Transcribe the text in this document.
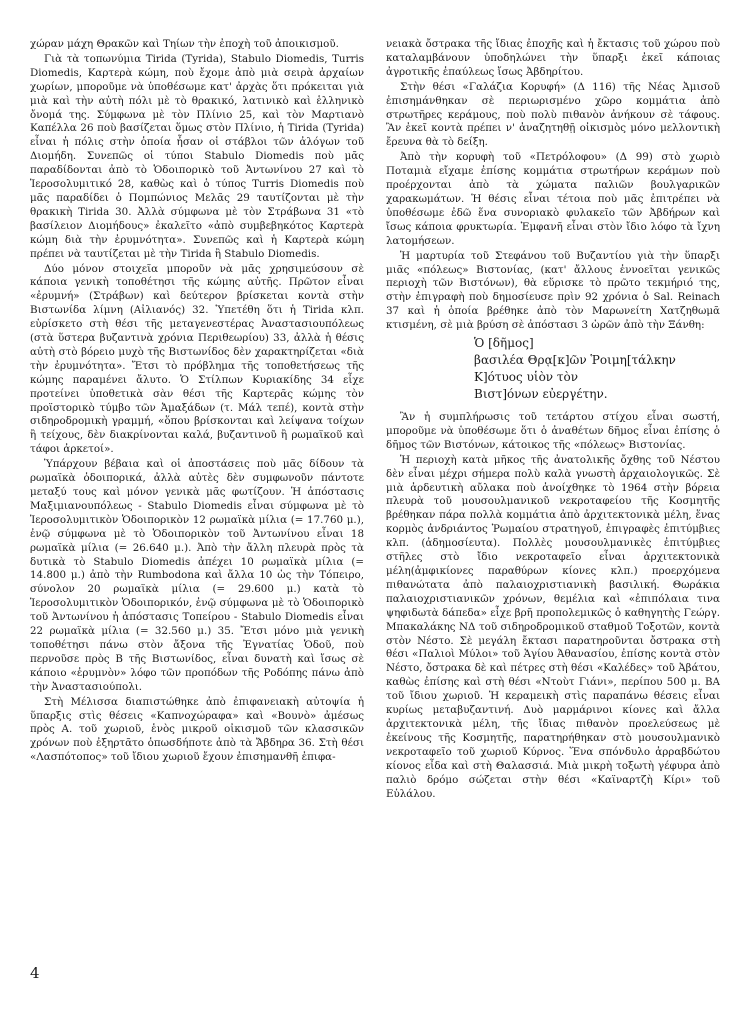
χώραν μάχη Θρακῶν καὶ Τηίων τὴν ἐποχὴ τοῦ ἀποικισμοῦ.

Γιὰ τὰ τοπωνύμια Tirida (Tyrida), Stabulo Diomedis, Turris Diomedis, Καρτερὰ κώμη, ποὺ ἔχομε ἀπὸ μιὰ σειρὰ ἀρχαίων χωρίων, μποροῦμε νὰ ὑποθέσωμε κατ' ἀρχὰς ὅτι πρόκειται γιὰ μιὰ καὶ τὴν αὐτὴ πόλι μὲ τὸ θρακικό, λατινικὸ καὶ ἑλληνικὸ ὄνομά της. Σύμφωνα μὲ τὸν Πλίνιο 25, καὶ τὸν Μαρτιανὸ Καπέλλα 26 ποὺ βασίζεται ὅμως στὸν Πλίνιο, ἡ Tirida (Tyrida) εἶναι ἡ πόλις στὴν ὁποία ἦσαν οἱ στάβλοι τῶν ἀλόγων τοῦ Διομήδη. Συνεπῶς οἱ τύποι Stabulo Diomedis ποὺ μᾶς παραδίδονται ἀπὸ τὸ Ὁδοιπορικὸ τοῦ Ἀντωνίνου 27 καὶ τὸ Ἱεροσολυμιτικό 28, καθὼς καὶ ὁ τύπος Turris Diomedis ποὺ μᾶς παραδίδει ὁ Πομπώνιος Μελᾶς 29 ταυτίζονται μὲ τὴν θρακικὴ Tirida 30. Ἀλλὰ σύμφωνα μὲ τὸν Στράβωνα 31 «τὸ βασίλειον Διομήδους» ἐκαλεῖτο «ἀπὸ συμβεβηκότος Καρτερὰ κώμη διὰ τὴν ἐρυμνότητα». Συνεπῶς καὶ ἡ Καρτερὰ κώμη πρέπει νὰ ταυτίζεται μὲ τὴν Tirida ἢ Stabulo Diomedis.

Δύο μόνον στοιχεῖα μποροῦν νὰ μᾶς χρησιμεύσουν σὲ κάποια γενικὴ τοποθέτησι τῆς κώμης αὐτῆς. Πρῶτον εἶναι «ἐρυμνή» (Στράβων) καὶ δεύτερον βρίσκεται κοντὰ στὴν Βιστωνίδα λίμνη (Αἰλιανός) 32. Ὑπετέθη ὅτι ἡ Tirida κλπ. εὑρίσκετο στὴ θέσι τῆς μεταγενεστέρας Ἀναστασιουπόλεως (στὰ ὕστερα βυζαντινὰ χρόνια Περιθεωρίου) 33, ἀλλὰ ἡ θέσις αὐτὴ στὸ βόρειο μυχὸ τῆς Βιστωνίδος δὲν χαρακτηρίζεται «διὰ τὴν ἐρυμνότητα». Ἔτσι τὸ πρόβλημα τῆς τοποθετήσεως τῆς κώμης παραμένει ἄλυτο. Ὁ Στίλπων Κυριακίδης 34 εἶχε προτείνει ὑποθετικὰ σὰν θέσι τῆς Καρτερᾶς κώμης τὸν προϊστορικὸ τύμβο τῶν Ἀμαξάδων (τ. Μάλ τεπέ), κοντὰ στὴν σιδηροδρομικὴ γραμμή, «ὅπου βρίσκονται καὶ λείψανα τοίχων ἢ τείχους, δὲν διακρίνονται καλά, βυζαντινοῦ ἢ ρωμαϊκοῦ καὶ τάφοι ἀρκετοί».

Ὑπάρχουν βέβαια καὶ οἱ ἀποστάσεις ποὺ μᾶς δίδουν τὰ ρωμαϊκὰ ὁδοιπορικά, ἀλλὰ αὐτὲς δὲν συμφωνοῦν πάντοτε μεταξύ τους καὶ μόνον γενικὰ μᾶς φωτίζουν. Ἡ ἀπόστασις Μαξιμιανουπόλεως - Stabulo Diomedis εἶναι σύμφωνα μὲ τὸ Ἱεροσολυμιτικὸν Ὁδοιπορικὸν 12 ρωμαϊκὰ μίλια (= 17.760 μ.), ἐνῷ σύμφωνα μὲ τὸ Ὁδοιπορικὸν τοῦ Ἀντωνίνου εἶναι 18 ρωμαϊκὰ μίλια (= 26.640 μ.). Ἀπὸ τὴν ἄλλη πλευρὰ πρὸς τὰ δυτικὰ τὸ Stabulo Diomedis ἀπέχει 10 ρωμαϊκὰ μίλια (= 14.800 μ.) ἀπὸ τὴν Rumbodona καὶ ἄλλα 10 ὡς τὴν Τόπειρο, σύνολον 20 ρωμαϊκὰ μίλια (= 29.600 μ.) κατὰ τὸ Ἱεροσολυμιτικὸν Ὁδοιπορικόν, ἐνῷ σύμφωνα μὲ τὸ Ὁδοιπορικὸ τοῦ Ἀντωνίνου ἡ ἀπόστασις Τοπείρου - Stabulo Diomedis εἶναι 22 ρωμαϊκὰ μίλια (= 32.560 μ.) 35. Ἔτσι μόνο μιὰ γενικὴ τοποθέτησι πάνω στὸν ἄξονα τῆς Ἐγνατίας Ὁδοῦ, ποὺ περνοῦσε πρὸς Β τῆς Βιστωνίδος, εἶναι δυνατὴ καὶ ἴσως σὲ κάποιο «ἐρυμνὸν» λόφο τῶν προπόδων τῆς Ροδόπης πάνω ἀπὸ τὴν Ἀναστασιούπολι.

Στὴ Μέλισσα διαπιστώθηκε ἀπὸ ἐπιφανειακὴ αὐτοψία ἡ ὕπαρξις στὶς θέσεις «Καπνοχώραφα» καὶ «Βουνὸ» ἀμέσως πρὸς Α. τοῦ χωριοῦ, ἑνὸς μικροῦ οἰκισμοῦ τῶν κλασσικῶν χρόνων ποὺ ἐξηρτᾶτο ὁπωσδήποτε ἀπὸ τὰ Ἄβδηρα 36. Στὴ θέσι «Λασπότοπος» τοῦ ἴδιου χωριοῦ ἔχουν ἐπισημανθῆ ἐπιφα-

νειακὰ ὄστρακα τῆς ἴδιας ἐποχῆς καὶ ἡ ἔκτασις τοῦ χώρου ποὺ καταλαμβάνουν ὑποδηλώνει τὴν ὕπαρξι ἐκεῖ κάποιας ἀγροτικῆς ἐπαύλεως ἴσως Ἀβδηρίτου.

Στὴν θέσι «Γαλάζια Κορυφή» (Δ 116) τῆς Νέας Ἀμισοῦ ἐπισημάνθηκαν σὲ περιωρισμένο χῶρο κομμάτια ἀπὸ στρωτῆρες κεράμους, ποὺ πολὺ πιθανὸν ἀνήκουν σὲ τάφους. Ἂν ἐκεῖ κοντὰ πρέπει ν' ἀναζητηθῇ οἰκισμὸς μόνο μελλοντικὴ ἔρευνα θὰ τὸ δείξη.

Ἀπὸ τὴν κορυφὴ τοῦ «Πετρόλοφου» (Δ 99) στὸ χωριὸ Ποταμιὰ εἴχαμε ἐπίσης κομμάτια στρωτήρων κεράμων ποὺ προέρχονται ἀπὸ τὰ χώματα παλιῶν βουλγαρικῶν χαρακωμάτων. Ἡ θέσις εἶναι τέτοια ποὺ μᾶς ἐπιτρέπει νὰ ὑποθέσωμε ἐδῶ ἕνα συνοριακὸ φυλακεῖο τῶν Ἀβδήρων καὶ ἴσως κάποια φρυκτωρία. Ἐμφανῆ εἶναι στὸν ἴδιο λόφο τὰ ἴχνη λατομήσεων.

Ἡ μαρτυρία τοῦ Στεφάνου τοῦ Βυζαντίου γιὰ τὴν ὕπαρξι μιᾶς «πόλεως» Βιστονίας, (κατ' ἄλλους ἐννοεῖται γενικῶς περιοχὴ τῶν Βιστόνων), θὰ εὕρισκε τὸ πρῶτο τεκμήριό της, στὴν ἐπιγραφὴ ποὺ δημοσίευσε πρὶν 92 χρόνια ὁ Sal. Reinach 37 καὶ ἡ ὁποία βρέθηκε ἀπὸ τὸν Μαρωνείτη Χατζηθωμᾶ κτισμένη, σὲ μιὰ βρύση σὲ ἀπόστασι 3 ὡρῶν ἀπὸ τὴν Ξάνθη:

Ὁ [δῆμος]
βασιλέα Θρᾳ[κ]ῶν Ῥοιμη[τάλκην
Κ]ότυος υἱὸν τὸν
Βιστ]όνων εὐεργέτην.

Ἂν ἡ συμπλήρωσις τοῦ τετάρτου στίχου εἶναι σωστή, μποροῦμε νὰ ὑποθέσωμε ὅτι ὁ ἀναθέτων δῆμος εἶναι ἐπίσης ὁ δῆμος τῶν Βιστόνων, κάτοικος τῆς «πόλεως» Βιστονίας.

Ἡ περιοχὴ κατὰ μῆκος τῆς ἀνατολικῆς ὄχθης τοῦ Νέστου δὲν εἶναι μέχρι σήμερα πολὺ καλὰ γνωστὴ ἀρχαιολογικῶς. Σὲ μιὰ ἀρδευτικὴ αὔλακα ποὺ ἀνοίχθηκε τὸ 1964 στὴν βόρεια πλευρὰ τοῦ μουσουλμανικοῦ νεκροταφείου τῆς Κοσμητῆς βρέθηκαν πάρα πολλὰ κομμάτια ἀπὸ ἀρχιτεκτονικὰ μέλη, ἕνας κορμὸς ἀνδριάντος Ῥωμαίου στρατηγοῦ, ἐπιγραφὲς ἐπιτύμβιες κλπ. (ἀδημοσίευτα). Πολλὲς μουσουλμανικὲς ἐπιτύμβιες στῆλες στὸ ἴδιο νεκροταφεῖο εἶναι ἀρχιτεκτονικὰ μέλη(ἀμφικίονες παραθύρων κίονες κλπ.) προερχόμενα πιθανώτατα ἀπὸ παλαιοχριστιανικὴ βασιλική. Θωράκια παλαιοχριστιανικῶν χρόνων, θεμέλια καὶ «ἐπιπόλαια τινα ψηφιδωτὰ δάπεδα» εἶχε βρῆ προπολεμικῶς ὁ καθηγητὴς Γεώργ. Μπακαλάκης ΝΔ τοῦ σιδηροδρομικοῦ σταθμοῦ Τοξοτῶν, κοντὰ στὸν Νέστο. Σὲ μεγάλη ἔκτασι παρατηροῦνται ὄστρακα στὴ θέσι «Παλιοὶ Μύλοι» τοῦ Ἁγίου Ἀθανασίου, ἐπίσης κοντὰ στὸν Νέστο, ὄστρακα δὲ καὶ πέτρες στὴ θέσι «Καλέδες» τοῦ Ἀβάτου, καθὼς ἐπίσης καὶ στὴ θέσι «Ντοὺτ Γιάνι», περίπου 500 μ. ΒΑ τοῦ ἴδιου χωριοῦ. Ἡ κεραμεικὴ στὶς παραπάνω θέσεις εἶναι κυρίως μεταβυζαντινή. Δυὸ μαρμάρινοι κίονες καὶ ἄλλα ἀρχιτεκτονικὰ μέλη, τῆς ἴδιας πιθανὸν προελεύσεως μὲ ἐκείνους τῆς Κοσμητῆς, παρατηρήθηκαν στὸ μουσουλμανικὸ νεκροταφεῖο τοῦ χωριοῦ Κύρνος. Ἕνα σπόνδυλο ἀρραβδώτου κίονος εἶδα καὶ στὴ Θαλασσιά. Μιὰ μικρὴ τοξωτὴ γέφυρα ἀπὸ παλιὸ δρόμο σώζεται στὴν θέσι «Καϊναρτζὴ Κίρι» τοῦ Εὐλάλου.

4
